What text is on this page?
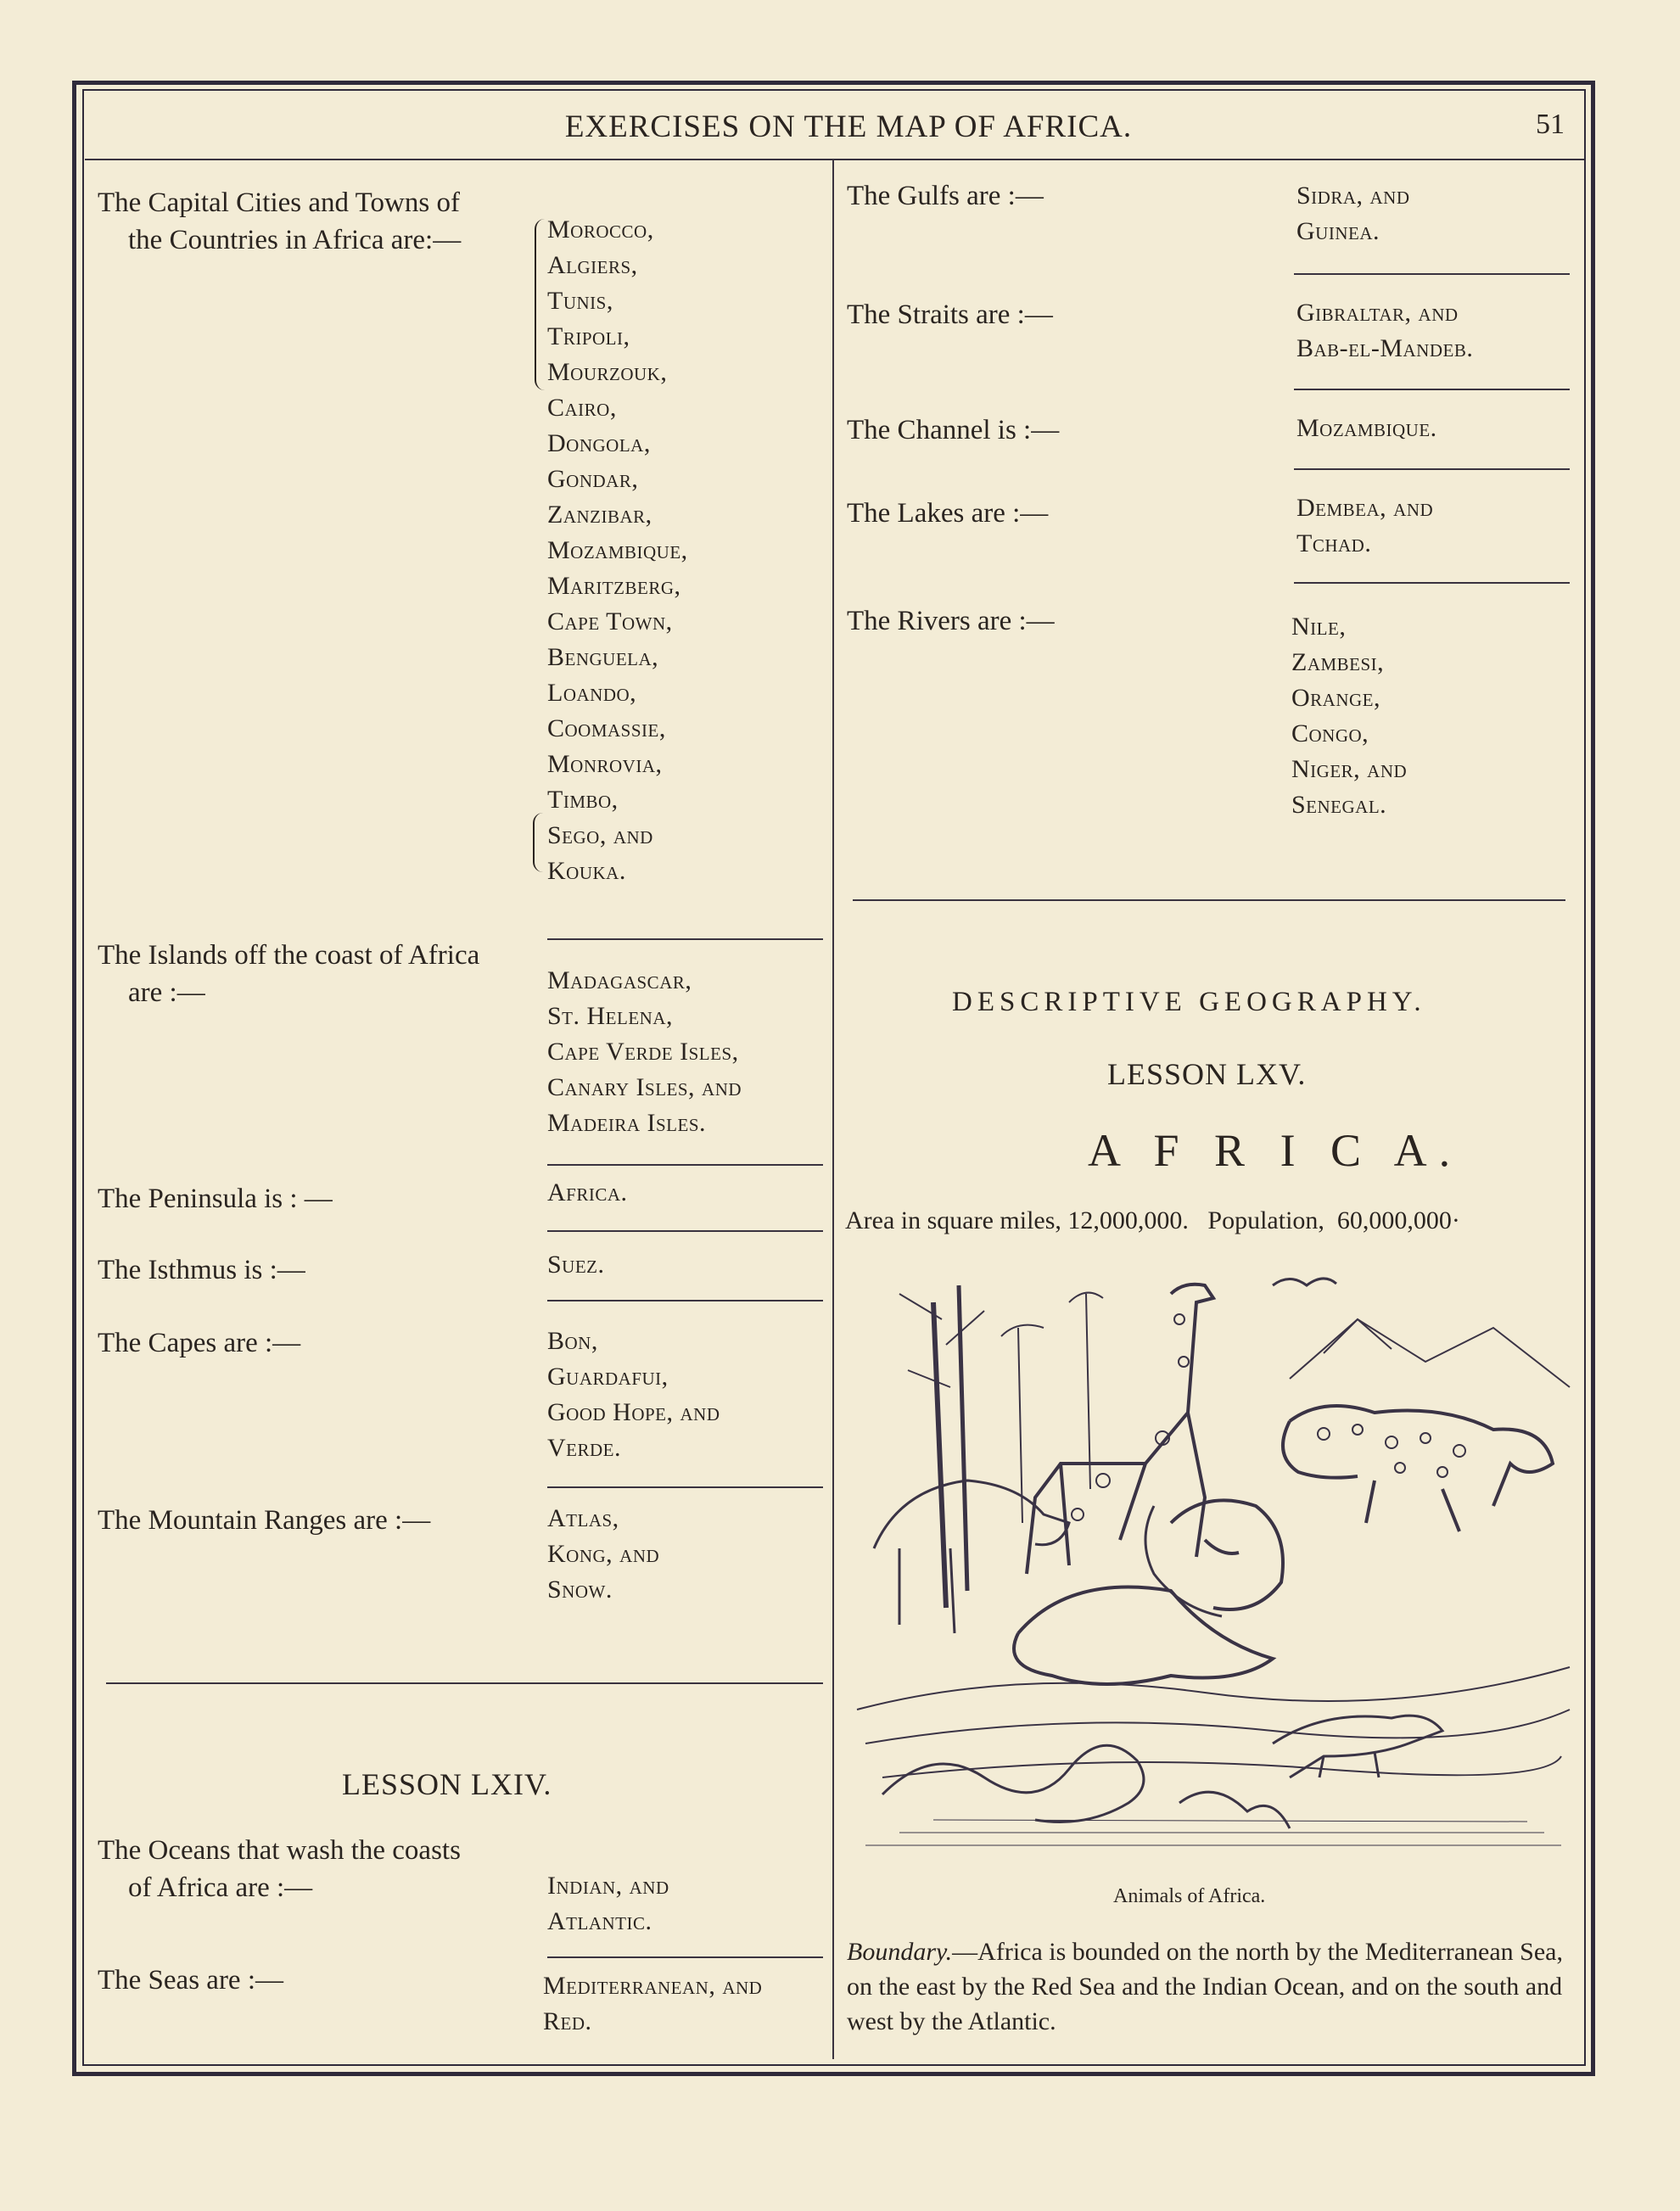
EXERCISES ON THE MAP OF AFRICA.	51
The Capital Cities and Towns of
the Countries in Africa are:—	Morocco,
Algiers,
Tunis,
Tripoli,
Mourzouk,
Cairo,
Dongola,
Gondar,
Zanzibar,
Mozambique,
Maritzberg,
Cape Town,
Benguela,
Loando,
Coomassie,
Monrovia,
Timbo,
Sego, and
Kouka.
The Islands off the coast of Africa
are :—	Madagascar,
St. Helena,
Cape Verde Isles,
Canary Isles, and
Madeira Isles.
The Peninsula is : —	Africa.
The Isthmus is :—	Suez.
The Capes are :—	Bon,
Guardafui,
Good Hope, and
Verde.
The Mountain Ranges are :—	Atlas,
Kong, and
Snow.
LESSON LXIV.
The Oceans that wash the coasts
of Africa are :—	Indian, and
Atlantic.
The Seas are :—	Mediterranean, and
Red.
The Gulfs are :—	Sidra, and
Guinea.
The Straits are :—	Gibraltar, and
Bab-el-Mandeb.
The Channel is :—	Mozambique.
The Lakes are :—	Dembea, and
Tchad.
The Rivers are :—	Nile,
Zambesi,
Orange,
Congo,
Niger, and
Senegal.
DESCRIPTIVE GEOGRAPHY.
LESSON LXV.
A F R I C A.
Area in square miles, 12,000,000.   Population,  60,000,000·
Animals of Africa.
Boundary.—Africa is bounded on the north by the Mediterranean Sea, on the east by the Red Sea and the Indian Ocean, and on the south and west by the Atlantic.
